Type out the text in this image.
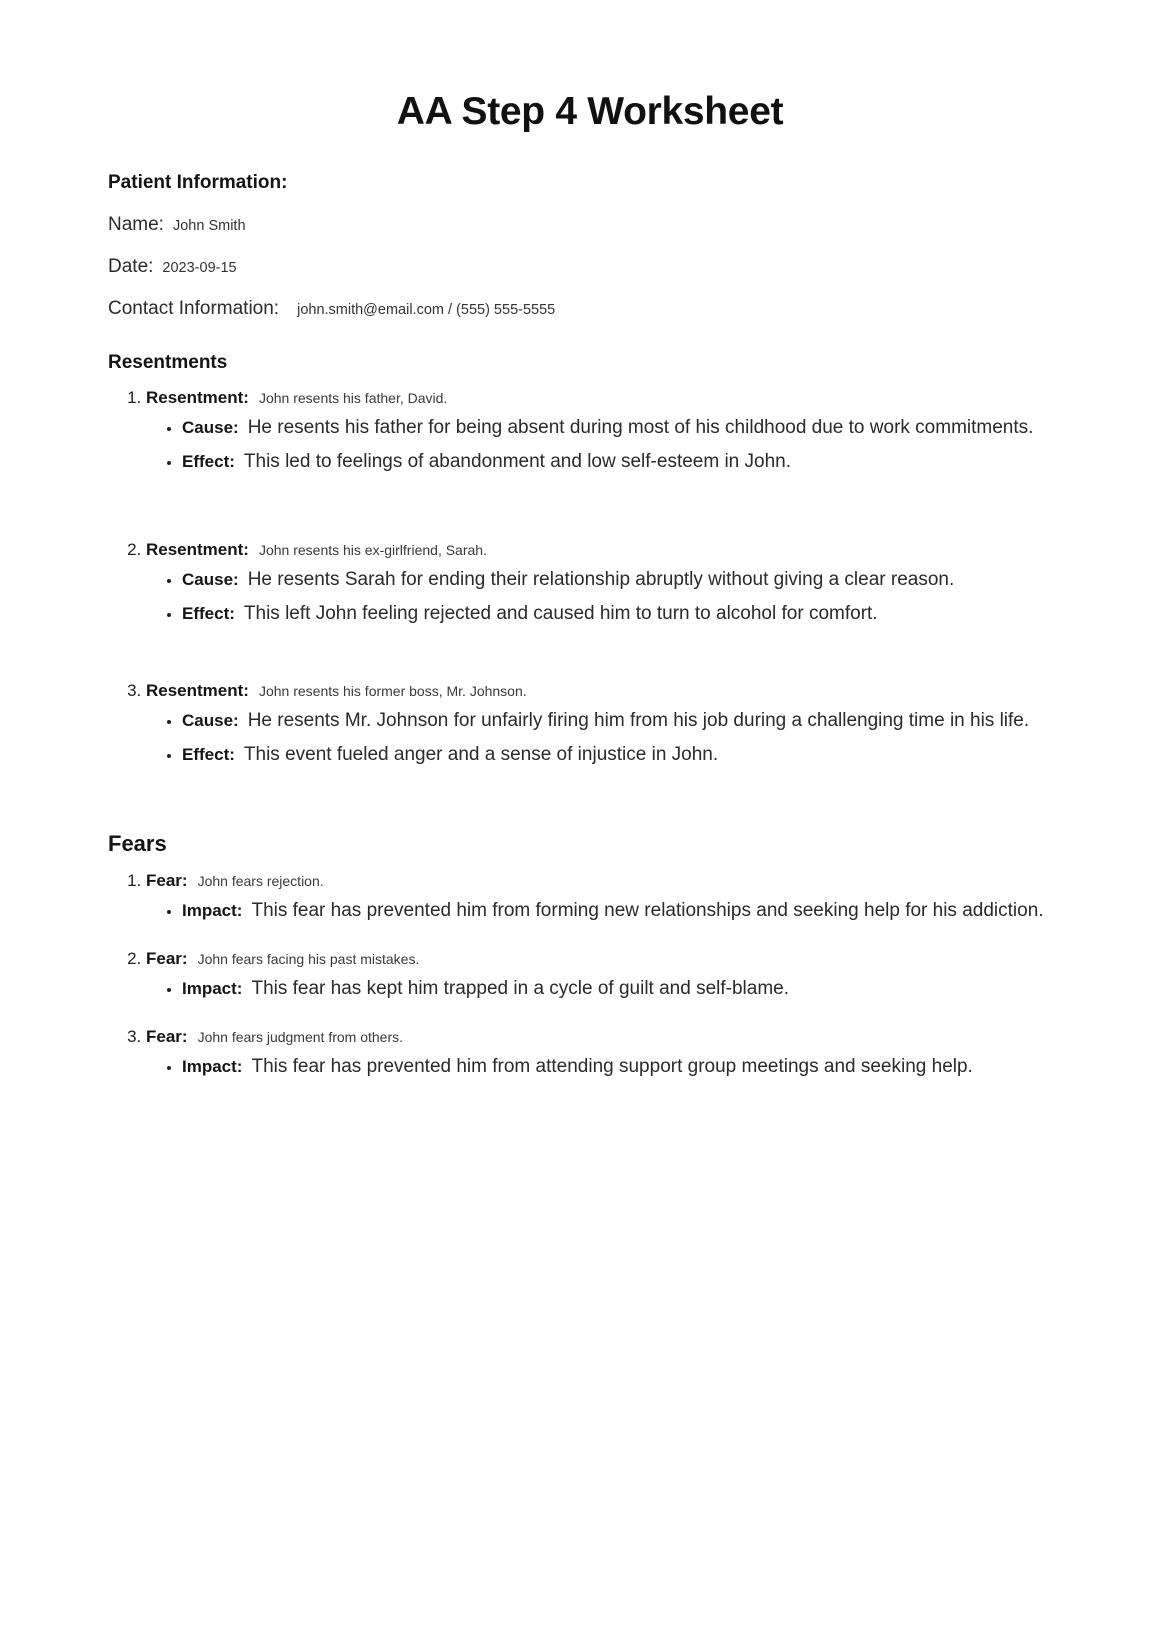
AA Step 4 Worksheet
Patient Information:
Name: John Smith
Date: 2023-09-15
Contact Information: john.smith@email.com / (555) 555-5555
Resentments
1. Resentment: John resents his father, David.
• Cause: He resents his father for being absent during most of his childhood due to work commitments.
• Effect: This led to feelings of abandonment and low self-esteem in John.
2. Resentment: John resents his ex-girlfriend, Sarah.
• Cause: He resents Sarah for ending their relationship abruptly without giving a clear reason.
• Effect: This left John feeling rejected and caused him to turn to alcohol for comfort.
3. Resentment: John resents his former boss, Mr. Johnson.
• Cause: He resents Mr. Johnson for unfairly firing him from his job during a challenging time in his life.
• Effect: This event fueled anger and a sense of injustice in John.
Fears
1. Fear: John fears rejection.
• Impact: This fear has prevented him from forming new relationships and seeking help for his addiction.
2. Fear: John fears facing his past mistakes.
• Impact: This fear has kept him trapped in a cycle of guilt and self-blame.
3. Fear: John fears judgment from others.
• Impact: This fear has prevented him from attending support group meetings and seeking help.
